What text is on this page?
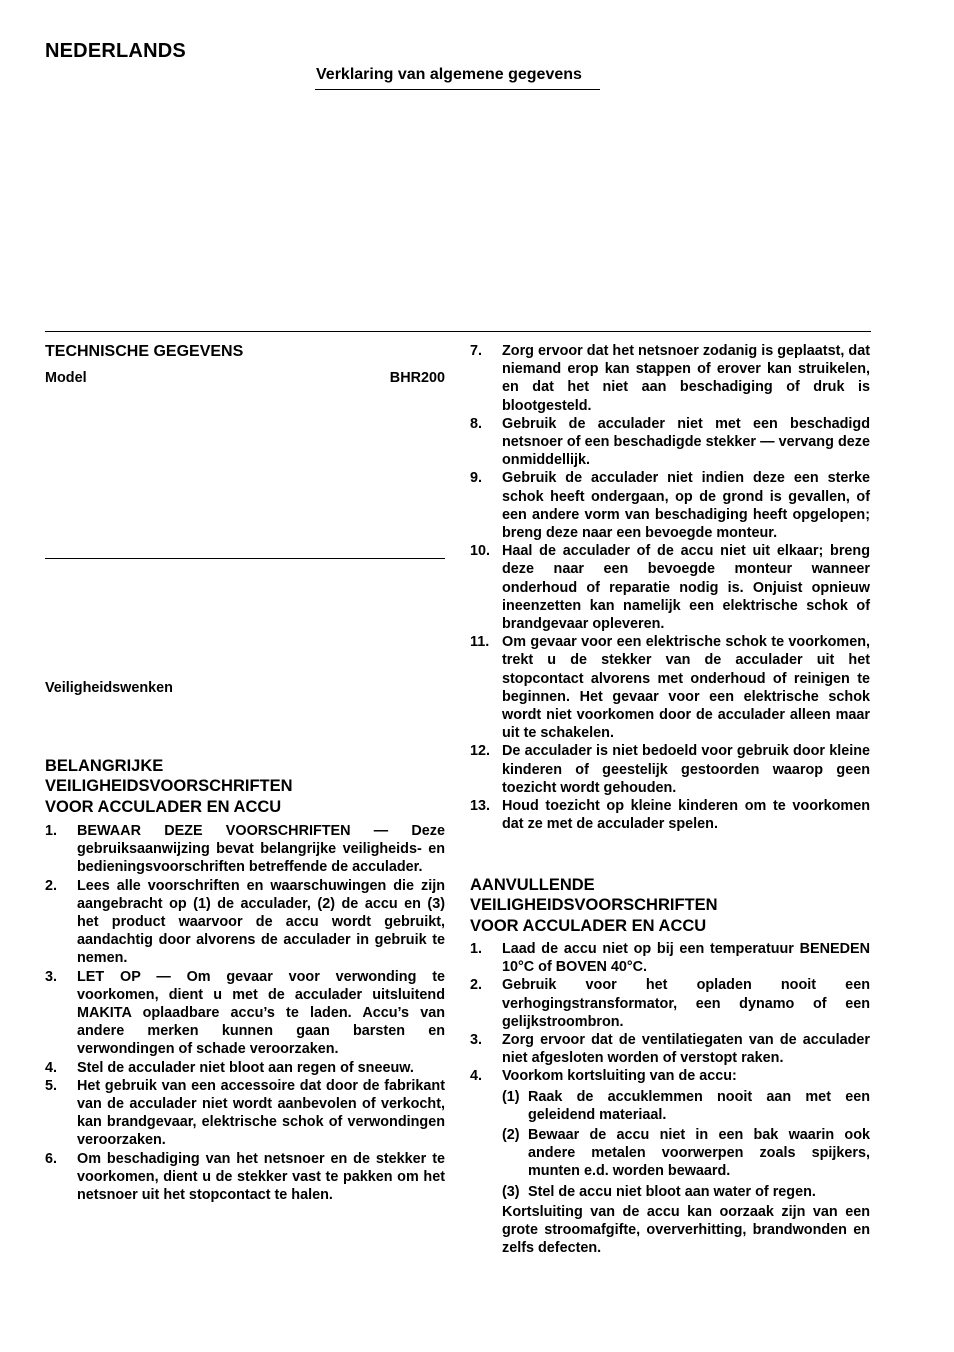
NEDERLANDS
Verklaring van algemene gegevens
TECHNISCHE GEGEVENS
Model	BHR200
Veiligheidswenken
BELANGRIJKE
VEILIGHEIDSVOORSCHRIFTEN
VOOR ACCULADER EN ACCU
1.	BEWAAR DEZE VOORSCHRIFTEN — Deze gebruiksaanwijzing bevat belangrijke veiligheids- en bedieningsvoorschriften betreffende de acculader.
2.	Lees alle voorschriften en waarschuwingen die zijn aangebracht op (1) de acculader, (2) de accu en (3) het product waarvoor de accu wordt gebruikt, aandachtig door alvorens de acculader in gebruik te nemen.
3.	LET OP — Om gevaar voor verwonding te voorkomen, dient u met de acculader uitsluitend MAKITA oplaadbare accu’s te laden. Accu’s van andere merken kunnen gaan barsten en verwondingen of schade veroorzaken.
4.	Stel de acculader niet bloot aan regen of sneeuw.
5.	Het gebruik van een accessoire dat door de fabrikant van de acculader niet wordt aanbevolen of verkocht, kan brandgevaar, elektrische schok of verwondingen veroorzaken.
6.	Om beschadiging van het netsnoer en de stekker te voorkomen, dient u de stekker vast te pakken om het netsnoer uit het stopcontact te halen.
7.	Zorg ervoor dat het netsnoer zodanig is geplaatst, dat niemand erop kan stappen of erover kan struikelen, en dat het niet aan beschadiging of druk is blootgesteld.
8.	Gebruik de acculader niet met een beschadigd netsnoer of een beschadigde stekker — vervang deze onmiddellijk.
9.	Gebruik de acculader niet indien deze een sterke schok heeft ondergaan, op de grond is gevallen, of een andere vorm van beschadiging heeft opgelopen; breng deze naar een bevoegde monteur.
10. Haal de acculader of de accu niet uit elkaar; breng deze naar een bevoegde monteur wanneer onderhoud of reparatie nodig is. Onjuist opnieuw ineenzetten kan namelijk een elektrische schok of brandgevaar opleveren.
11. Om gevaar voor een elektrische schok te voorkomen, trekt u de stekker van de acculader uit het stopcontact alvorens met onderhoud of reinigen te beginnen. Het gevaar voor een elektrische schok wordt niet voorkomen door de acculader alleen maar uit te schakelen.
12. De acculader is niet bedoeld voor gebruik door kleine kinderen of geestelijk gestoorden waarop geen toezicht wordt gehouden.
13. Houd toezicht op kleine kinderen om te voorkomen dat ze met de acculader spelen.
AANVULLENDE
VEILIGHEIDSVOORSCHRIFTEN
VOOR ACCULADER EN ACCU
1.	Laad de accu niet op bij een temperatuur BENEDEN 10°C of BOVEN 40°C.
2.	Gebruik voor het opladen nooit een verhogingstransformator, een dynamo of een gelijkstroombron.
3.	Zorg ervoor dat de ventilatiegaten van de acculader niet afgesloten worden of verstopt raken.
4.	Voorkom kortsluiting van de accu:
(1) Raak de accuklemmen nooit aan met een geleidend materiaal.
(2) Bewaar de accu niet in een bak waarin ook andere metalen voorwerpen zoals spijkers, munten e.d. worden bewaard.
(3) Stel de accu niet bloot aan water of regen.
Kortsluiting van de accu kan oorzaak zijn van een grote stroomafgifte, oververhitting, brandwonden en zelfs defecten.
